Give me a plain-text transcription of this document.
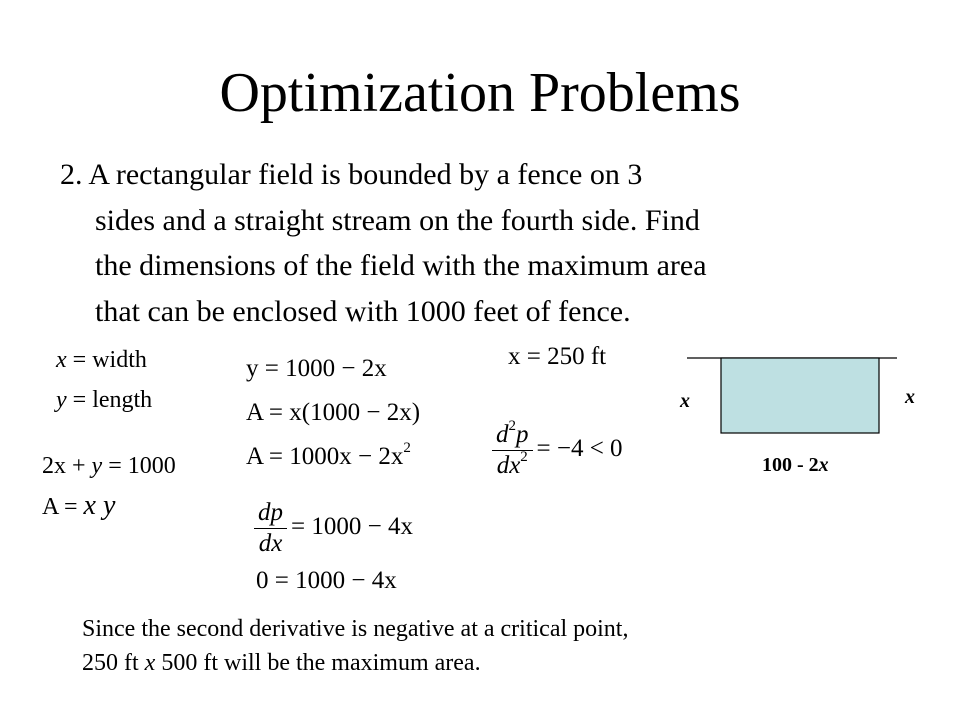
Optimization Problems
2. A rectangular field is bounded by a fence on 3
sides and a straight stream on the fourth side. Find
the dimensions of the field with the maximum area
that can be enclosed with 1000 feet of fence.
x = width
y = length
2x + y = 1000
A = x y
y = 1000 − 2x
A = x(1000 − 2x)
$A = 1000x - 2x^2$
$\frac{dp}{dx} = 1000 - 4x$
0 = 1000 − 4x
x = 250 ft
$\frac{d^2p}{dx^2} = -4 < 0$
x	x
100 - 2x
Since the second derivative is negative at a critical point,
250 ft x 500 ft will be the maximum area.
